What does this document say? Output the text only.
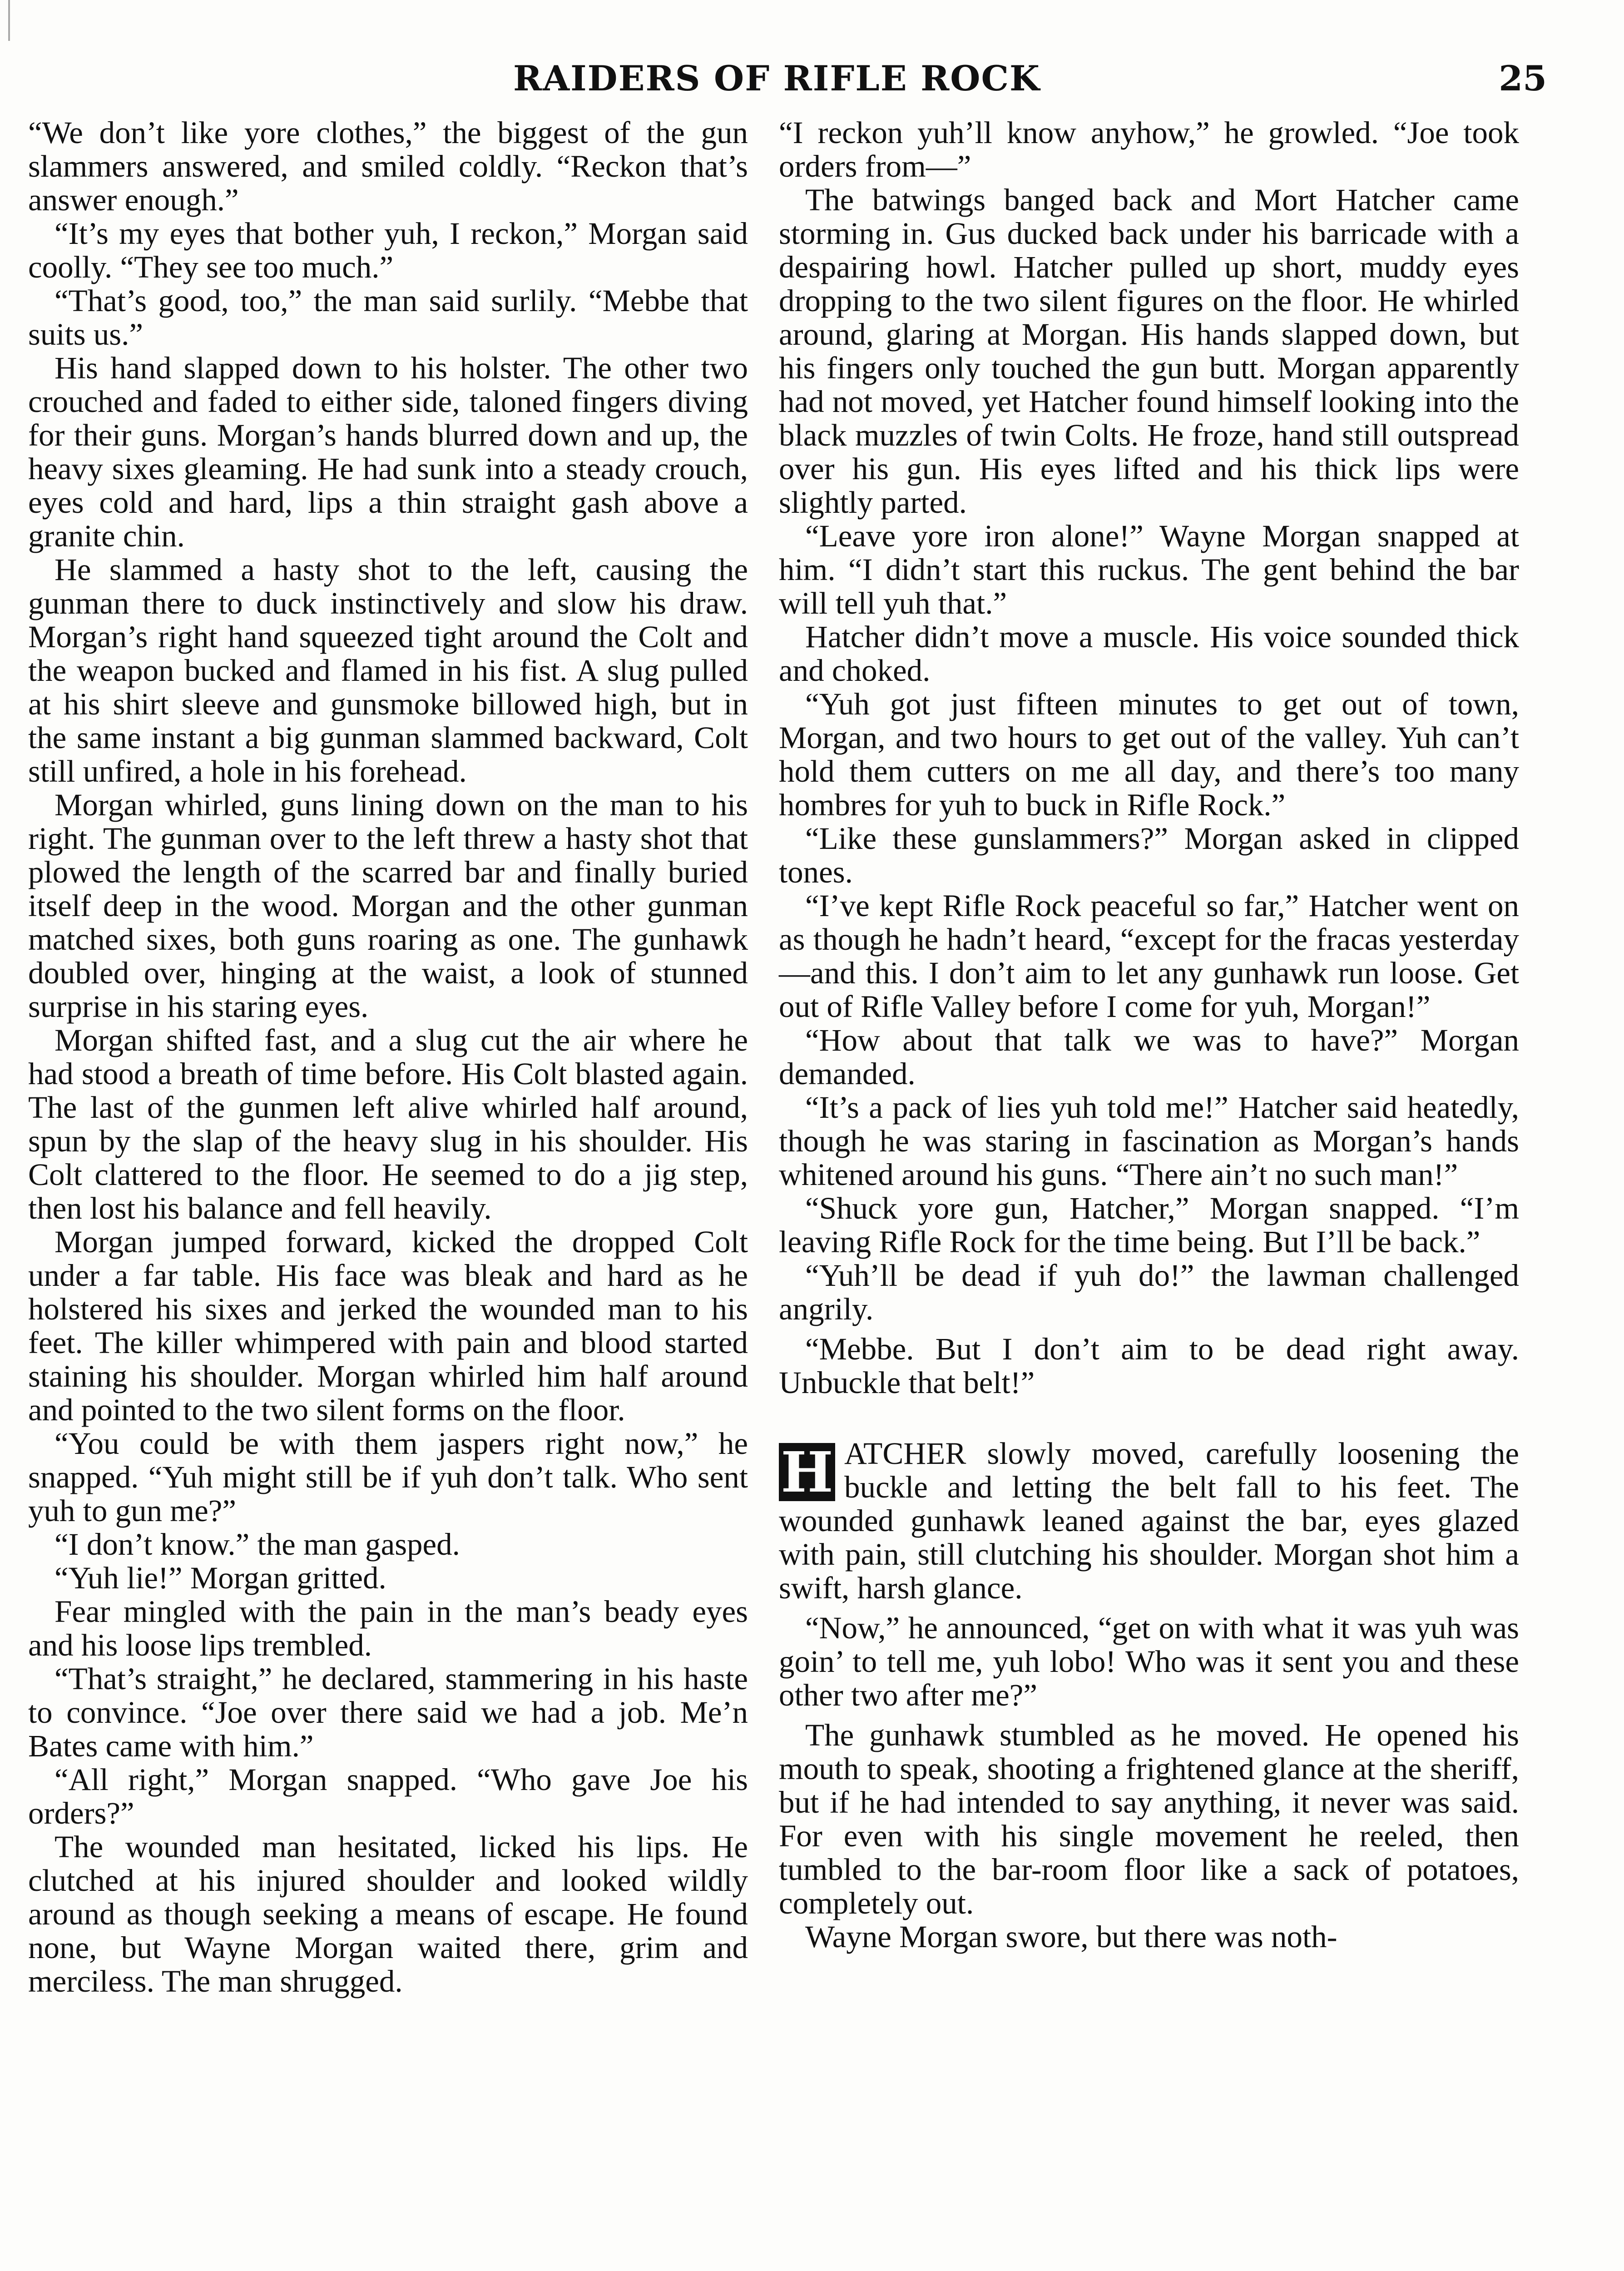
RAIDERS OF RIFLE ROCK	25

“We don’t like yore clothes,” the biggest of the gun slammers answered, and smiled coldly. “Reckon that’s answer enough.”

“It’s my eyes that bother yuh, I reckon,” Morgan said coolly. “They see too much.”

“That’s good, too,” the man said surlily. “Mebbe that suits us.”

His hand slapped down to his holster. The other two crouched and faded to either side, taloned fingers diving for their guns. Morgan’s hands blurred down and up, the heavy sixes gleaming. He had sunk into a steady crouch, eyes cold and hard, lips a thin straight gash above a granite chin.

He slammed a hasty shot to the left, causing the gunman there to duck instinctively and slow his draw. Morgan’s right hand squeezed tight around the Colt and the weapon bucked and flamed in his fist. A slug pulled at his shirt sleeve and gunsmoke billowed high, but in the same instant a big gunman slammed backward, Colt still unfired, a hole in his forehead.

Morgan whirled, guns lining down on the man to his right. The gunman over to the left threw a hasty shot that plowed the length of the scarred bar and finally buried itself deep in the wood. Morgan and the other gunman matched sixes, both guns roaring as one. The gunhawk doubled over, hinging at the waist, a look of stunned surprise in his staring eyes.

Morgan shifted fast, and a slug cut the air where he had stood a breath of time before. His Colt blasted again. The last of the gunmen left alive whirled half around, spun by the slap of the heavy slug in his shoulder. His Colt clattered to the floor. He seemed to do a jig step, then lost his balance and fell heavily.

Morgan jumped forward, kicked the dropped Colt under a far table. His face was bleak and hard as he holstered his sixes and jerked the wounded man to his feet. The killer whimpered with pain and blood started staining his shoulder. Morgan whirled him half around and pointed to the two silent forms on the floor.

“You could be with them jaspers right now,” he snapped. “Yuh might still be if yuh don’t talk. Who sent yuh to gun me?”

“I don’t know.” the man gasped.

“Yuh lie!” Morgan gritted.

Fear mingled with the pain in the man’s beady eyes and his loose lips trembled.

“That’s straight,” he declared, stammering in his haste to convince. “Joe over there said we had a job. Me’n Bates came with him.”

“All right,” Morgan snapped. “Who gave Joe his orders?”

The wounded man hesitated, licked his lips. He clutched at his injured shoulder and looked wildly around as though seeking a means of escape. He found none, but Wayne Morgan waited there, grim and merciless. The man shrugged.

“I reckon yuh’ll know anyhow,” he growled. “Joe took orders from—”

The batwings banged back and Mort Hatcher came storming in. Gus ducked back under his barricade with a despairing howl. Hatcher pulled up short, muddy eyes dropping to the two silent figures on the floor. He whirled around, glaring at Morgan. His hands slapped down, but his fingers only touched the gun butt. Morgan apparently had not moved, yet Hatcher found himself looking into the black muzzles of twin Colts. He froze, hand still outspread over his gun. His eyes lifted and his thick lips were slightly parted.

“Leave yore iron alone!” Wayne Morgan snapped at him. “I didn’t start this ruckus. The gent behind the bar will tell yuh that.”

Hatcher didn’t move a muscle. His voice sounded thick and choked.

“Yuh got just fifteen minutes to get out of town, Morgan, and two hours to get out of the valley. Yuh can’t hold them cutters on me all day, and there’s too many hombres for yuh to buck in Rifle Rock.”

“Like these gunslammers?” Morgan asked in clipped tones.

“I’ve kept Rifle Rock peaceful so far,” Hatcher went on as though he hadn’t heard, “except for the fracas yesterday—and this. I don’t aim to let any gunhawk run loose. Get out of Rifle Valley before I come for yuh, Morgan!”

“How about that talk we was to have?” Morgan demanded.

“It’s a pack of lies yuh told me!” Hatcher said heatedly, though he was staring in fascination as Morgan’s hands whitened around his guns. “There ain’t no such man!”

“Shuck yore gun, Hatcher,” Morgan snapped. “I’m leaving Rifle Rock for the time being. But I’ll be back.”

“Yuh’ll be dead if yuh do!” the lawman challenged angrily.

“Mebbe. But I don’t aim to be dead right away. Unbuckle that belt!”

H ATCHER slowly moved, carefully loosening the buckle and letting the belt fall to his feet. The wounded gunhawk leaned against the bar, eyes glazed with pain, still clutching his shoulder. Morgan shot him a swift, harsh glance.

“Now,” he announced, “get on with what it was yuh was goin’ to tell me, yuh lobo! Who was it sent you and these other two after me?”

The gunhawk stumbled as he moved. He opened his mouth to speak, shooting a frightened glance at the sheriff, but if he had intended to say anything, it never was said. For even with his single movement he reeled, then tumbled to the bar-room floor like a sack of potatoes, completely out.

Wayne Morgan swore, but there was noth-
